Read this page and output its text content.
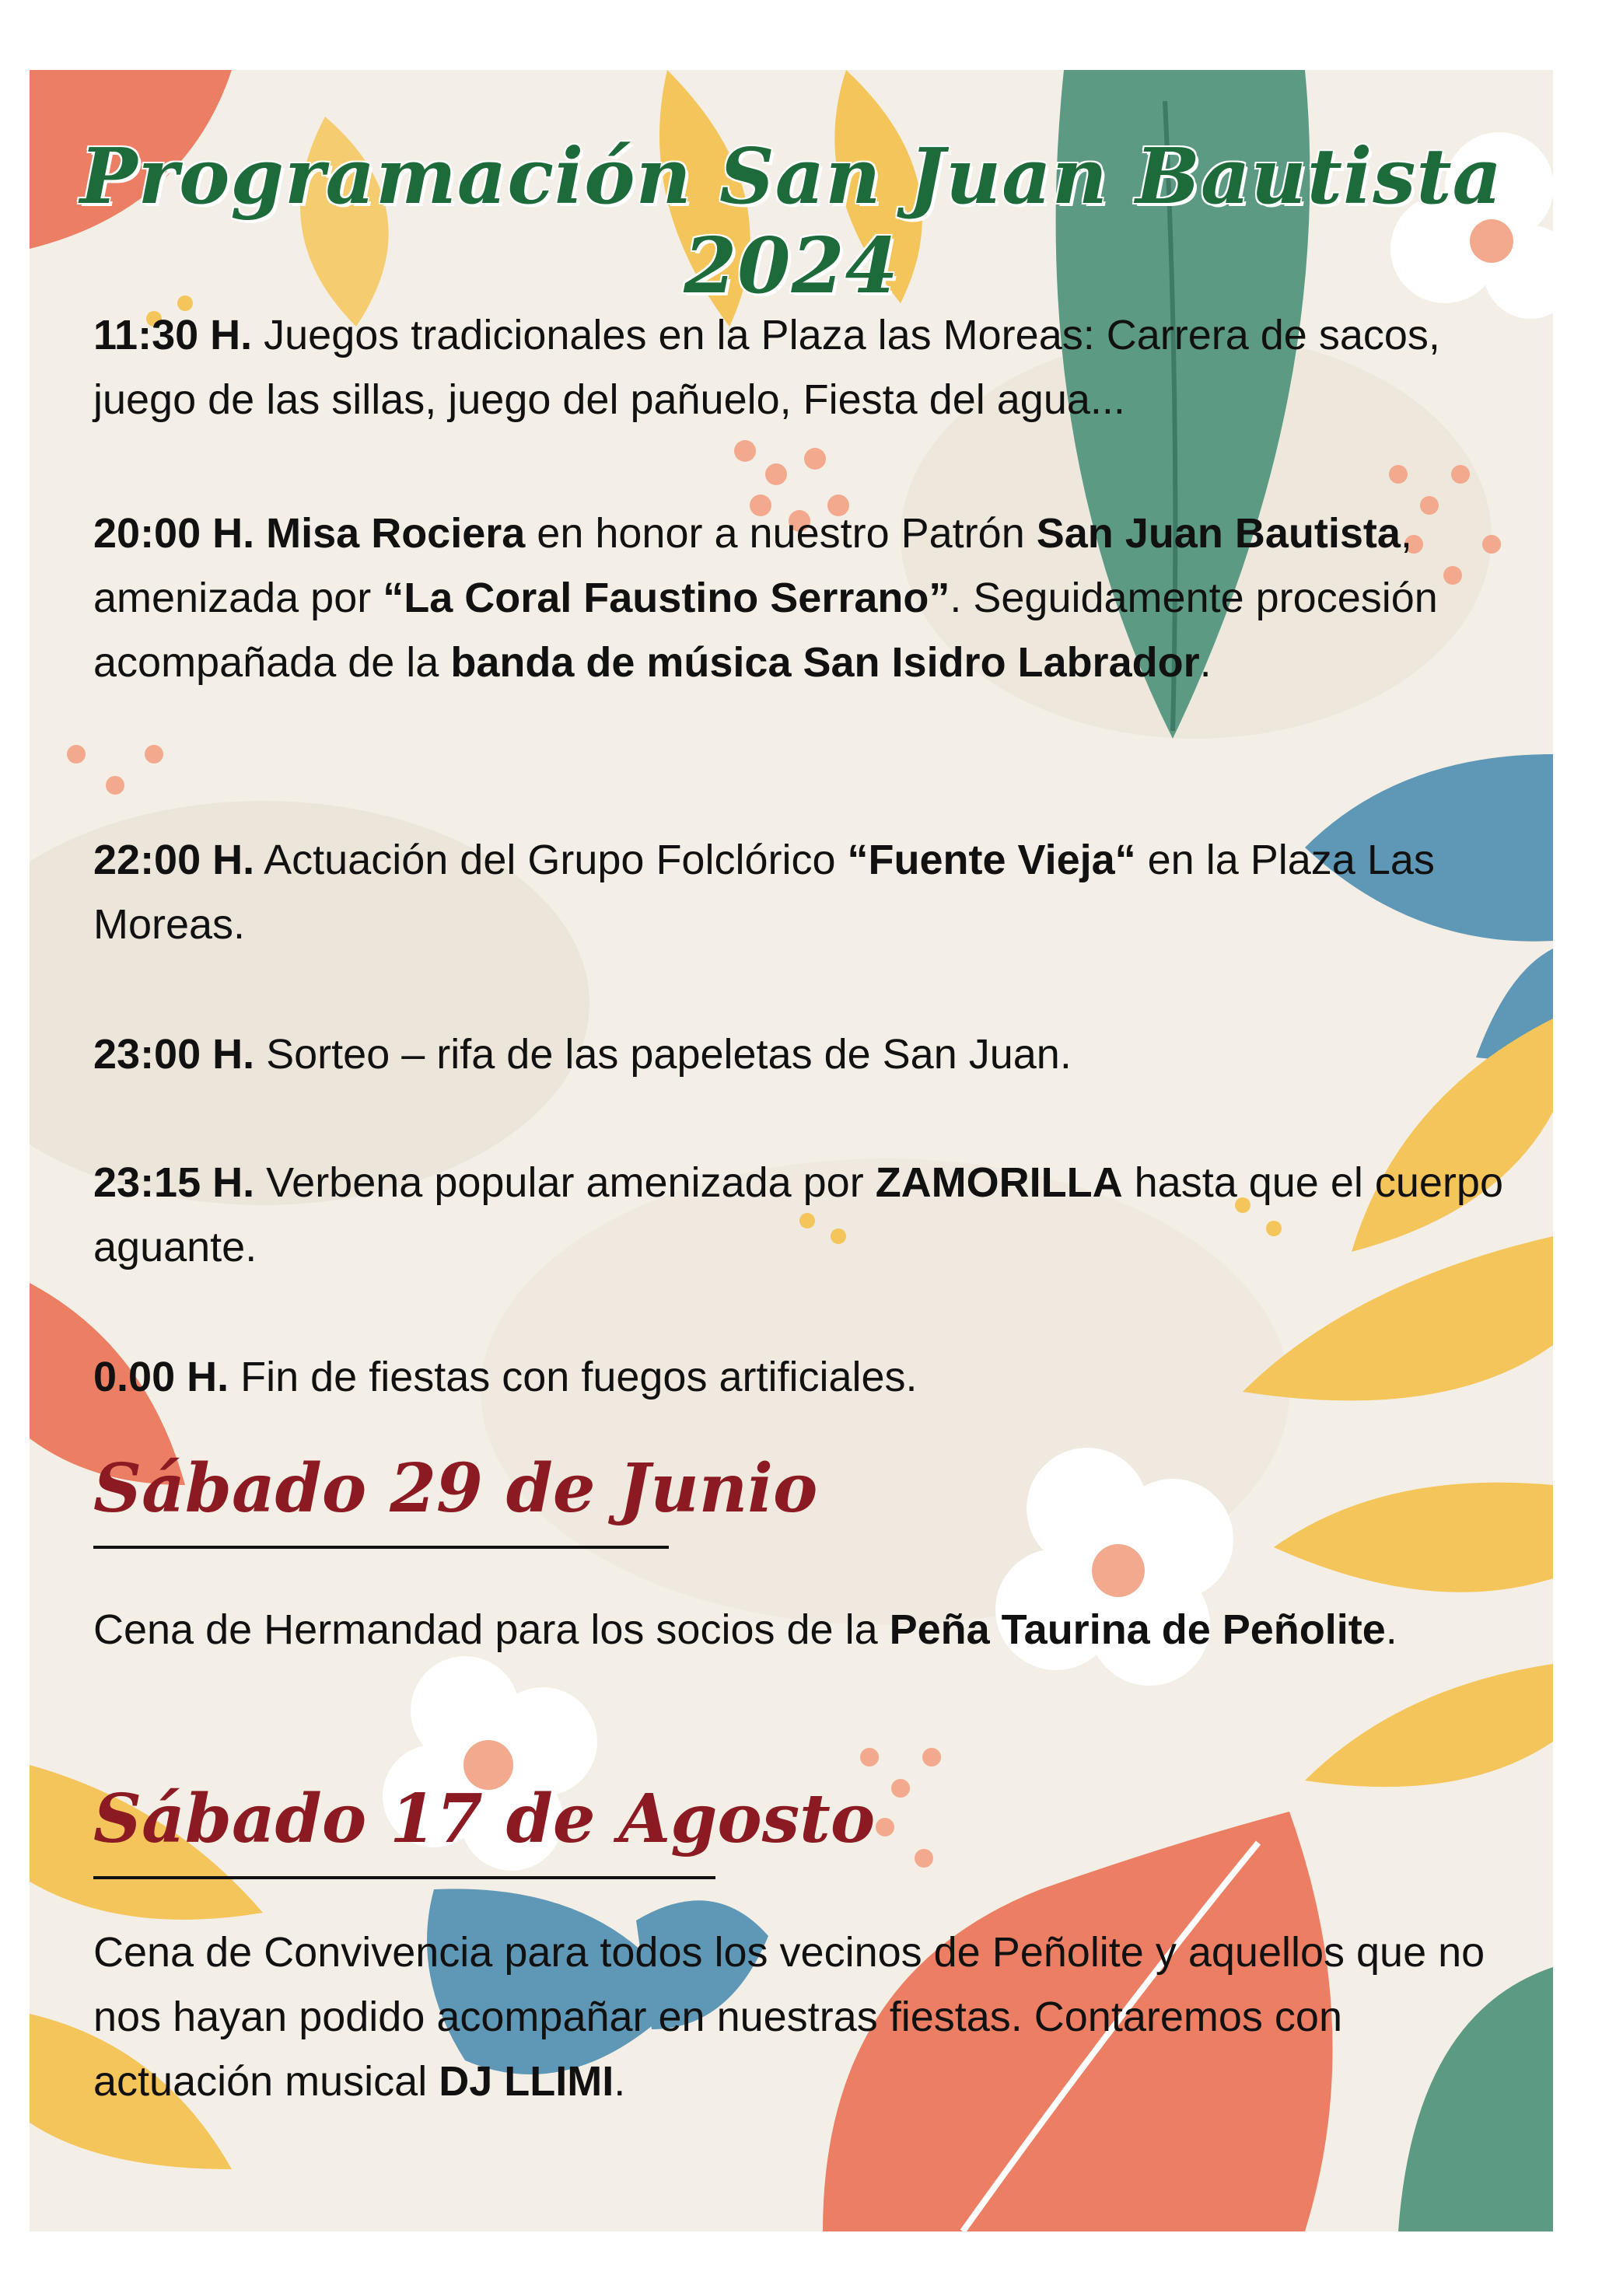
Programación San Juan Bautista 2024

11:30 H. Juegos tradicionales en la Plaza las Moreas: Carrera de sacos, juego de las sillas, juego del pañuelo, Fiesta del agua...

20:00 H. Misa Rociera en honor a nuestro Patrón San Juan Bautista, amenizada por “La Coral Faustino Serrano”. Seguidamente procesión acompañada de la banda de música San Isidro Labrador.

22:00 H. Actuación del Grupo Folclórico “Fuente Vieja“ en la Plaza Las Moreas.

23:00 H. Sorteo – rifa de las papeletas de San Juan.

23:15 H. Verbena popular amenizada por ZAMORILLA hasta que el cuerpo aguante.

0.00 H. Fin de fiestas con fuegos artificiales.

Sábado 29 de Junio

Cena de Hermandad para los socios de la Peña Taurina de Peñolite.

Sábado 17 de Agosto

Cena de Convivencia para todos los vecinos de Peñolite y aquellos que no nos hayan podido acompañar en nuestras fiestas. Contaremos con actuación musical DJ LLIMI.
